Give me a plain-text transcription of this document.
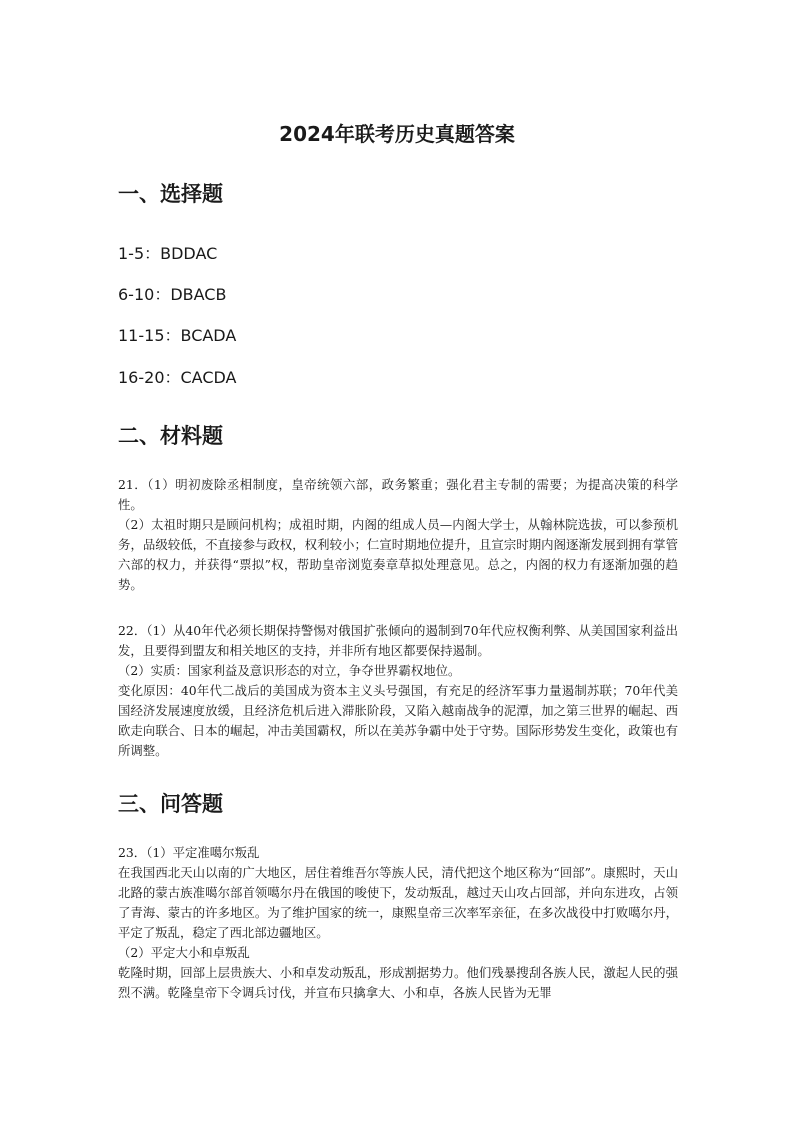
2024年联考历史真题答案
一、选择题
1-5：BDDAC
6-10：DBACB
11-15：BCADA
16-20：CACDA
二、材料题

21．（1）明初废除丞相制度，皇帝统领六部，政务繁重；强化君主专制的需要；为提高决策的科学性。

（2）太祖时期只是顾问机构；成祖时期，内阁的组成人员—内阁大学士，从翰林院选拔，可以参预机务，品级较低，不直接参与政权，权利较小；仁宣时期地位提升，且宣宗时期内阁逐渐发展到拥有掌管六部的权力，并获得“票拟”权，帮助皇帝浏览奏章草拟处理意见。总之，内阁的权力有逐渐加强的趋势。

22．（1）从40年代必须长期保持警惕对俄国扩张倾向的遏制到70年代应权衡利弊、从美国国家利益出发，且要得到盟友和相关地区的支持，并非所有地区都要保持遏制。

（2）实质：国家利益及意识形态的对立，争夺世界霸权地位。

变化原因：40年代二战后的美国成为资本主义头号强国，有充足的经济军事力量遏制苏联；70年代美国经济发展速度放缓，且经济危机后进入滞胀阶段，又陷入越南战争的泥潭，加之第三世界的崛起、西欧走向联合、日本的崛起，冲击美国霸权，所以在美苏争霸中处于守势。国际形势发生变化，政策也有所调整。

三、问答题

23．（1）平定准噶尔叛乱

在我国西北天山以南的广大地区，居住着维吾尔等族人民，清代把这个地区称为“回部”。康熙时，天山北路的蒙古族准噶尔部首领噶尔丹在俄国的唆使下，发动叛乱，越过天山攻占回部，并向东进攻，占领了青海、蒙古的许多地区。为了维护国家的统一，康熙皇帝三次率军亲征，在多次战役中打败噶尔丹，平定了叛乱，稳定了西北部边疆地区。

（2）平定大小和卓叛乱

乾隆时期，回部上层贵族大、小和卓发动叛乱，形成割据势力。他们残暴搜刮各族人民，激起人民的强烈不满。乾隆皇帝下令调兵讨伐，并宣布只擒拿大、小和卓，各族人民皆为无罪
